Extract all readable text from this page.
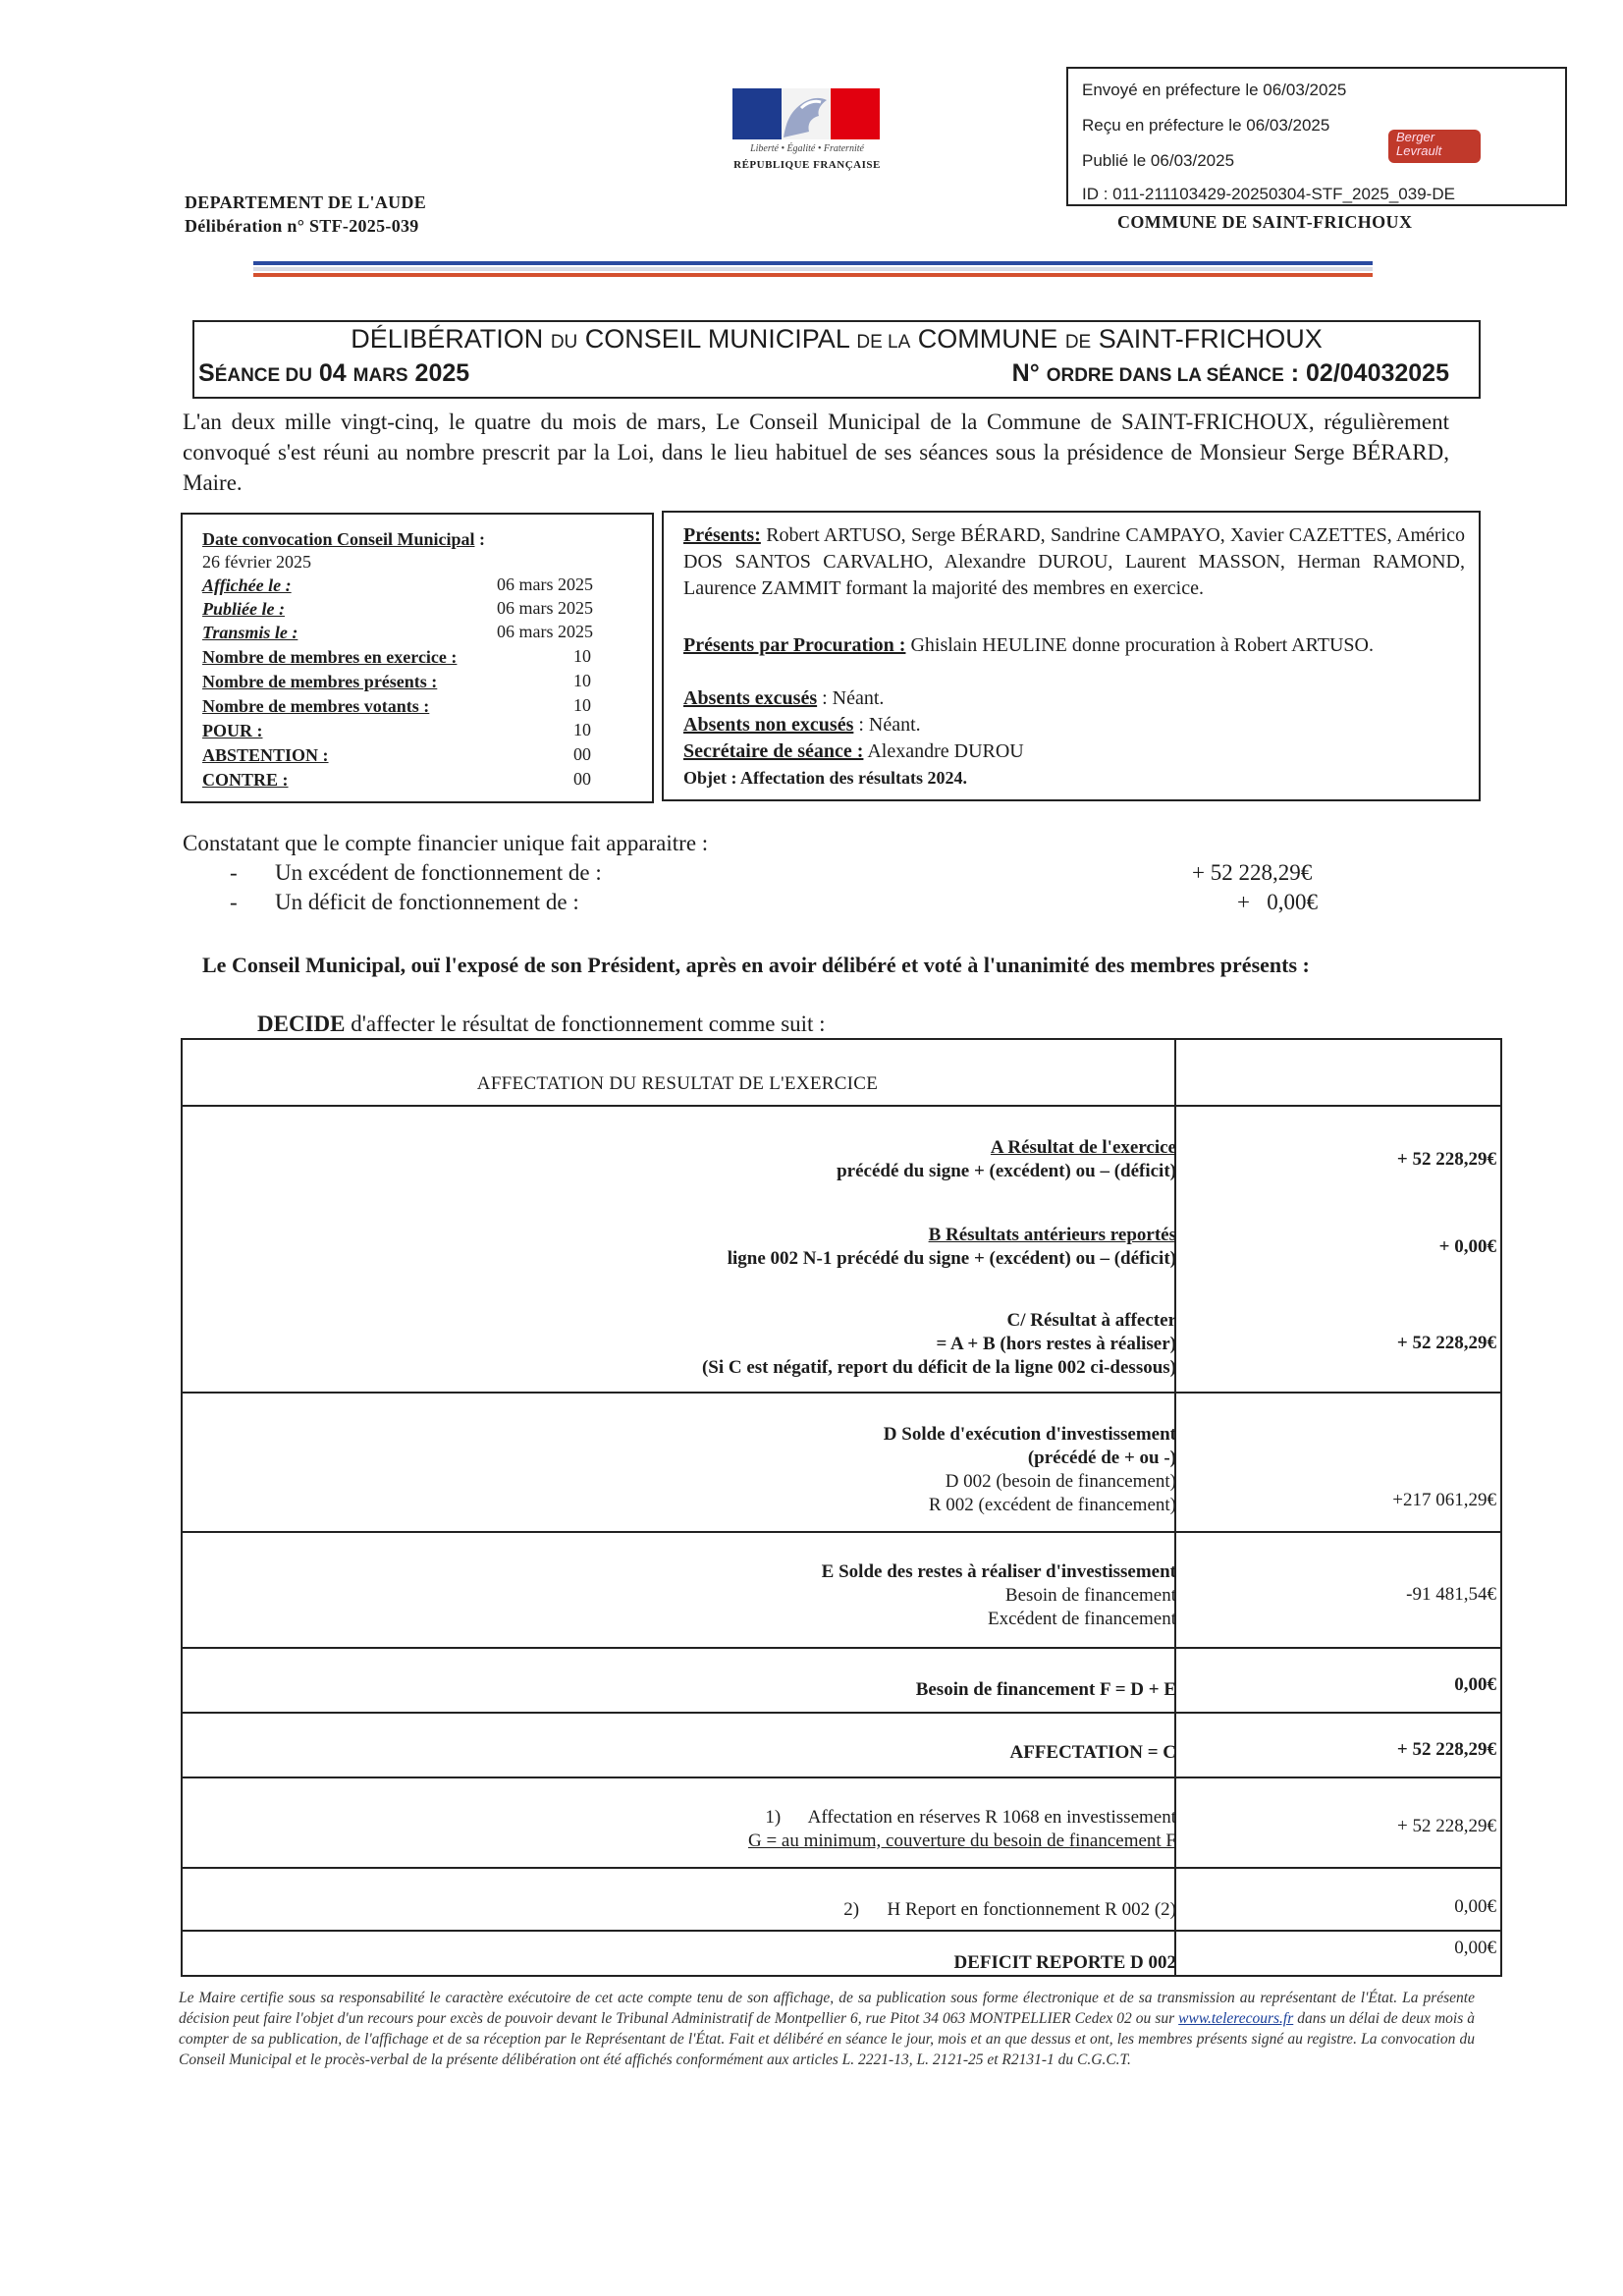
Liberté • Égalité • Fraternité
RÉPUBLIQUE FRANÇAISE
Envoyé en préfecture le 06/03/2025
Reçu en préfecture le 06/03/2025
Publié le 06/03/2025
ID : 011-211103429-20250304-STF_2025_039-DE
Berger
Levrault
DEPARTEMENT DE L'AUDE
Délibération n° STF-2025-039	COMMUNE DE SAINT-FRICHOUX
DÉLIBÉRATION DU CONSEIL MUNICIPAL DE LA COMMUNE DE SAINT-FRICHOUX
SÉANCE DU 04 MARS 2025	N° ORDRE DANS LA SÉANCE : 02/04032025
L'an deux mille vingt-cinq, le quatre du mois de mars, Le Conseil Municipal de la Commune de SAINT-FRICHOUX, régulièrement convoqué s'est réuni au nombre prescrit par la Loi, dans le lieu habituel de ses séances sous la présidence de Monsieur Serge BÉRARD, Maire.
Date convocation Conseil Municipal :
26 février 2025
Affichée le :	06 mars 2025
Publiée le :	06 mars 2025
Transmis le :	06 mars 2025
Nombre de membres en exercice :	10
Nombre de membres présents :	10
Nombre de membres votants :	10
POUR :	10
ABSTENTION :	00
CONTRE :	00
Présents: Robert ARTUSO, Serge BÉRARD, Sandrine CAMPAYO, Xavier CAZETTES, Américo DOS SANTOS CARVALHO, Alexandre DUROU, Laurent MASSON, Herman RAMOND, Laurence ZAMMIT formant la majorité des membres en exercice.
Présents par Procuration : Ghislain HEULINE donne procuration à Robert ARTUSO.
Absents excusés : Néant.
Absents non excusés : Néant.
Secrétaire de séance : Alexandre DUROU
Objet : Affectation des résultats 2024.
Constatant que le compte financier unique fait apparaitre :
- Un excédent de fonctionnement de :	+ 52 228,29€
- Un déficit de fonctionnement de :	+   0,00€
Le Conseil Municipal, ouï l'exposé de son Président, après en avoir délibéré et voté à l'unanimité des membres présents :
DECIDE d'affecter le résultat de fonctionnement comme suit :
AFFECTATION DU RESULTAT DE L'EXERCICE
A Résultat de l'exercice
précédé du signe + (excédent) ou – (déficit)
+ 52 228,29€
B Résultats antérieurs reportés
ligne 002 N-1 précédé du signe + (excédent) ou – (déficit)
+ 0,00€
C/ Résultat à affecter
= A + B (hors restes à réaliser)
(Si C est négatif, report du déficit de la ligne 002 ci-dessous)
+ 52 228,29€
D Solde d'exécution d'investissement
(précédé de + ou -)
D 002 (besoin de financement)
R 002 (excédent de financement)	+217 061,29€
E Solde des restes à réaliser d'investissement
Besoin de financement
Excédent de financement
-91 481,54€
Besoin de financement F = D + E	0,00€
AFFECTATION = C	+ 52 228,29€
1)      Affectation en réserves R 1068 en investissement
G = au minimum, couverture du besoin de financement F
+ 52 228,29€
2)      H Report en fonctionnement R 002 (2)	0,00€
DEFICIT REPORTE D 002
0,00€
Le Maire certifie sous sa responsabilité le caractère exécutoire de cet acte compte tenu de son affichage, de sa publication sous forme électronique et de sa transmission au représentant de l'État. La présente décision peut faire l'objet d'un recours pour excès de pouvoir devant le Tribunal Administratif de Montpellier 6, rue Pitot 34 063 MONTPELLIER Cedex 02 ou sur www.telerecours.fr dans un délai de deux mois à compter de sa publication, de l'affichage et de sa réception par le Représentant de l'État. Fait et délibéré en séance le jour, mois et an que dessus et ont, les membres présents signé au registre. La convocation du Conseil Municipal et le procès-verbal de la présente délibération ont été affichés conformément aux articles L. 2221-13, L. 2121-25 et R2131-1 du C.G.C.T.
